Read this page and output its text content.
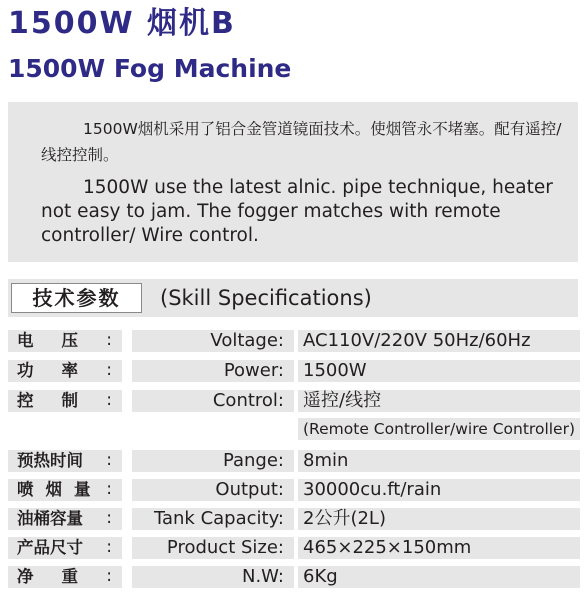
1500W 烟机B
1500W Fog Machine

1500W烟机采用了铝合金管道镜面技术。使烟管永不堵塞。配有遥控/线控控制。

1500W use the latest alnic. pipe technique, heater not easy to jam. The fogger matches with remote controller/ Wire control.

技术参数	(Skill Specifications)
电压 :	Voltage: AC110V/220V 50Hz/60Hz
功率 :	Power: 1500W
控制 :	Control: 遥控/线控
(Remote Controller/wire Controller)
预热时间 :	Pange: 8min
喷烟量 :	Output: 30000cu.ft/rain
油桶容量 : Tank Capacity: 2公升(2L)
产品尺寸 :	Product Size: 465×225×150mm
净重 :	N.W: 6Kg
